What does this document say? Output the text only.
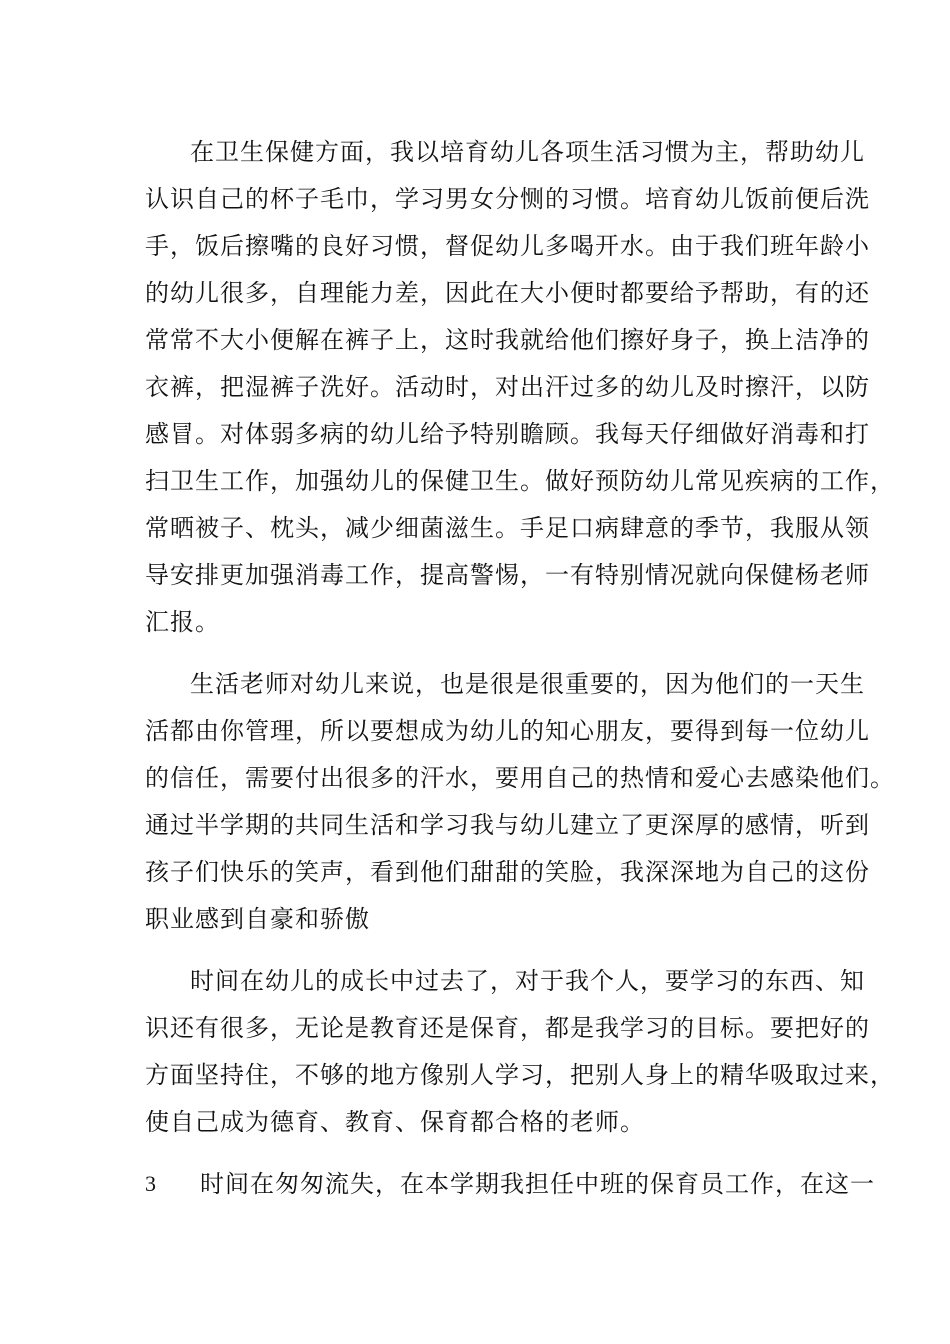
在卫生保健方面，我以培育幼儿各项生活习惯为主，帮助幼儿
认识自己的杯子毛巾，学习男女分恻的习惯。培育幼儿饭前便后洗
手，饭后擦嘴的良好习惯，督促幼儿多喝开水。由于我们班年龄小
的幼儿很多，自理能力差，因此在大小便时都要给予帮助，有的还
常常不大小便解在裤子上，这时我就给他们擦好身子，换上洁净的
衣裤，把湿裤子洗好。活动时，对出汗过多的幼儿及时擦汗，以防
感冒。对体弱多病的幼儿给予特别瞻顾。我每天仔细做好消毒和打
扫卫生工作，加强幼儿的保健卫生。做好预防幼儿常见疾病的工作，
常晒被子、枕头，减少细菌滋生。手足口病肆意的季节，我服从领
导安排更加强消毒工作，提高警惕，一有特别情况就向保健杨老师
汇报。
生活老师对幼儿来说，也是很是很重要的，因为他们的一天生
活都由你管理，所以要想成为幼儿的知心朋友，要得到每一位幼儿
的信任，需要付出很多的汗水，要用自己的热情和爱心去感染他们。
通过半学期的共同生活和学习我与幼儿建立了更深厚的感情，听到
孩子们快乐的笑声，看到他们甜甜的笑脸，我深深地为自己的这份
职业感到自豪和骄傲
时间在幼儿的成长中过去了，对于我个人，要学习的东西、知
识还有很多，无论是教育还是保育，都是我学习的目标。要把好的
方面坚持住，不够的地方像别人学习，把别人身上的精华吸取过来，
使自己成为德育、教育、保育都合格的老师。
3 时间在匆匆流失，在本学期我担任中班的保育员工作，在这一
